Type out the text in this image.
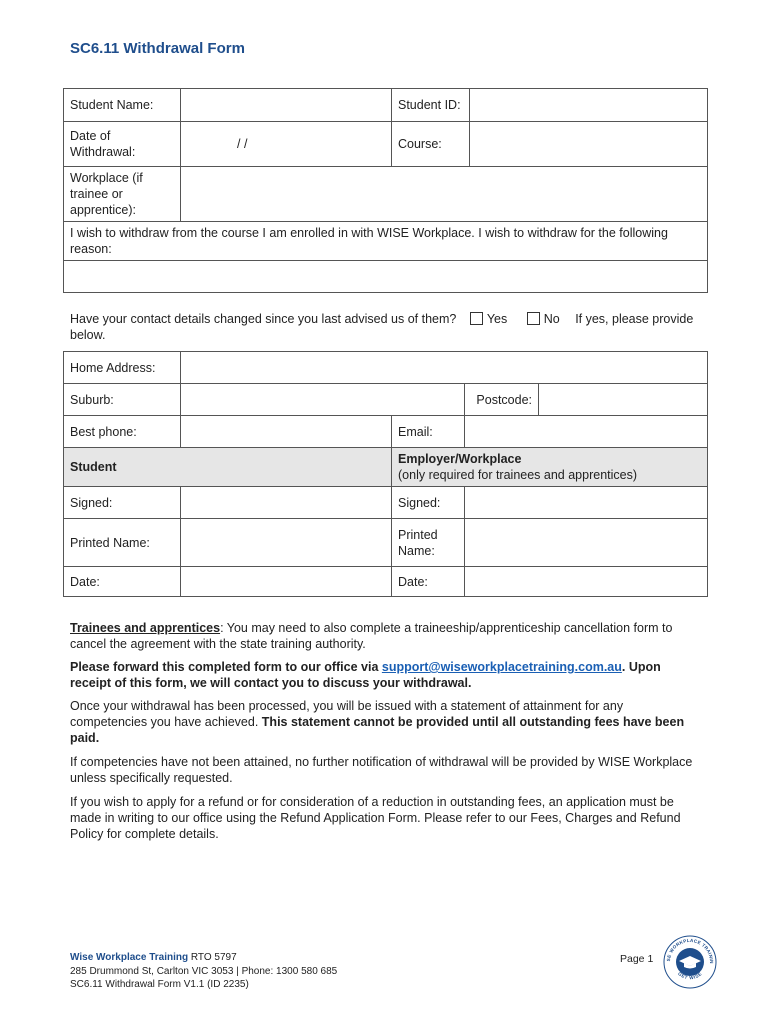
SC6.11 Withdrawal Form
Student Name:		Student ID:	
Date of Withdrawal:	/ /	Course:	
Workplace (if trainee or apprentice):			
I wish to withdraw from the course I am enrolled in with WISE Workplace. I wish to withdraw for the following reason:			

Have your contact details changed since you last advised us of them? Yes	No If yes, please provide below.
Home Address:				
Suburb:			Postcode:	
Best phone:		Email:		
Student		Employer/Workplace
(only required for trainees and apprentices)		

Signed:		Signed:		
Printed Name:		Printed Name:		
Date:		Date:		
Trainees and apprentices: You may need to also complete a traineeship/apprenticeship cancellation form to cancel the agreement with the state training authority.
Please forward this completed form to our office via support@wiseworkplacetraining.com.au. Upon receipt of this form, we will contact you to discuss your withdrawal.
Once your withdrawal has been processed, you will be issued with a statement of attainment for any competencies you have achieved. This statement cannot be provided until all outstanding fees have been paid.
If competencies have not been attained, no further notification of withdrawal will be provided by WISE Workplace unless specifically requested.
If you wish to apply for a refund or for consideration of a reduction in outstanding fees, an application must be made in writing to our office using the Refund Application Form. Please refer to our Fees, Charges and Refund Policy for complete details.
Wise Workplace Training RTO 5797
285 Drummond St, Carlton VIC 3053 | Phone: 1300 580 685
SC6.11 Withdrawal Form V1.1 (ID 2235)
Page 1	SE WORKPLACE TRAININ
GET WISE
